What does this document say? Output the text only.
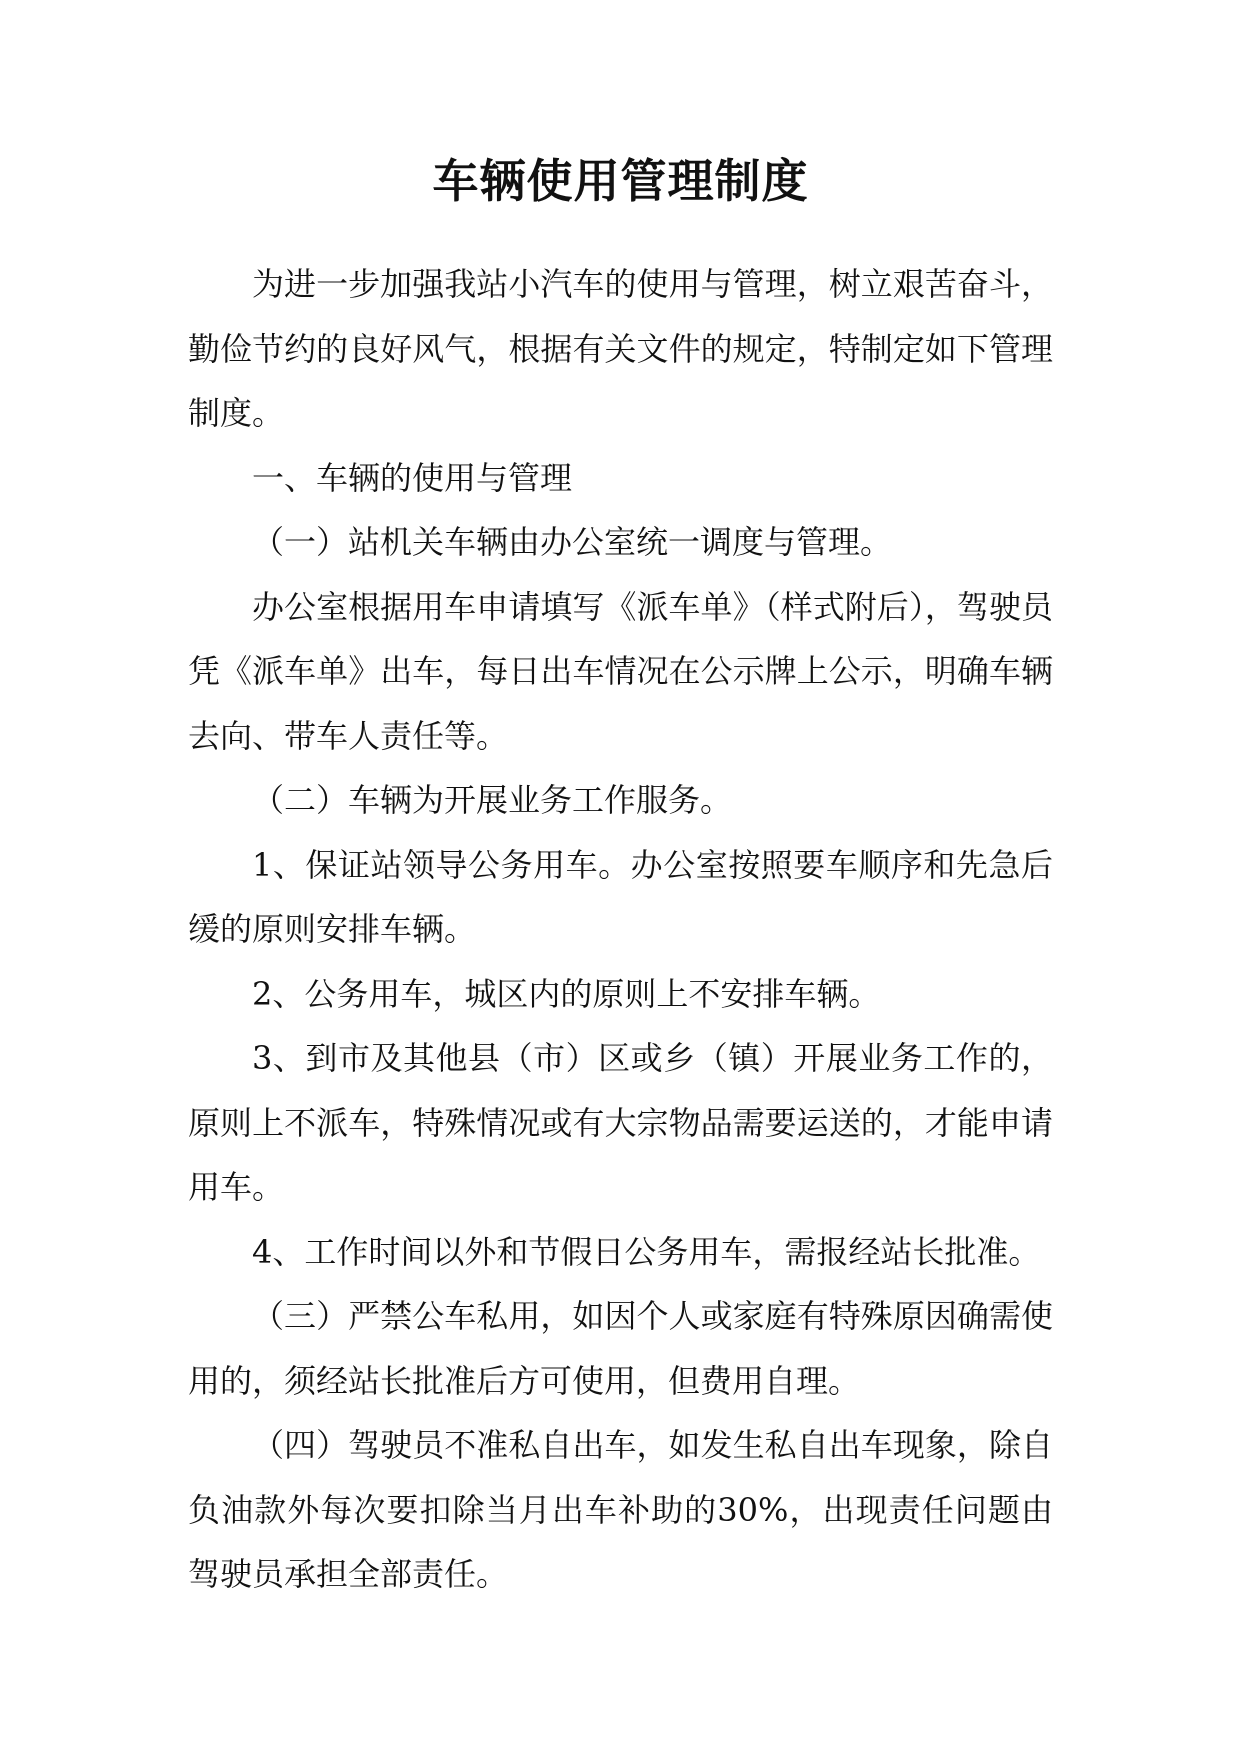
车辆使用管理制度

为进一步加强我站小汽车的使用与管理，树立艰苦奋斗，勤俭节约的良好风气，根据有关文件的规定，特制定如下管理制度。

一、车辆的使用与管理

（一）站机关车辆由办公室统一调度与管理。

办公室根据用车申请填写《派车单》（样式附后），驾驶员凭《派车单》出车，每日出车情况在公示牌上公示，明确车辆去向、带车人责任等。

（二）车辆为开展业务工作服务。

1、保证站领导公务用车。办公室按照要车顺序和先急后缓的原则安排车辆。

2、公务用车，城区内的原则上不安排车辆。

3、到市及其他县（市）区或乡（镇）开展业务工作的，原则上不派车，特殊情况或有大宗物品需要运送的，才能申请用车。

4、工作时间以外和节假日公务用车，需报经站长批准。

（三）严禁公车私用，如因个人或家庭有特殊原因确需使用的，须经站长批准后方可使用，但费用自理。

（四）驾驶员不准私自出车，如发生私自出车现象，除自负油款外每次要扣除当月出车补助的30%，出现责任问题由驾驶员承担全部责任。
